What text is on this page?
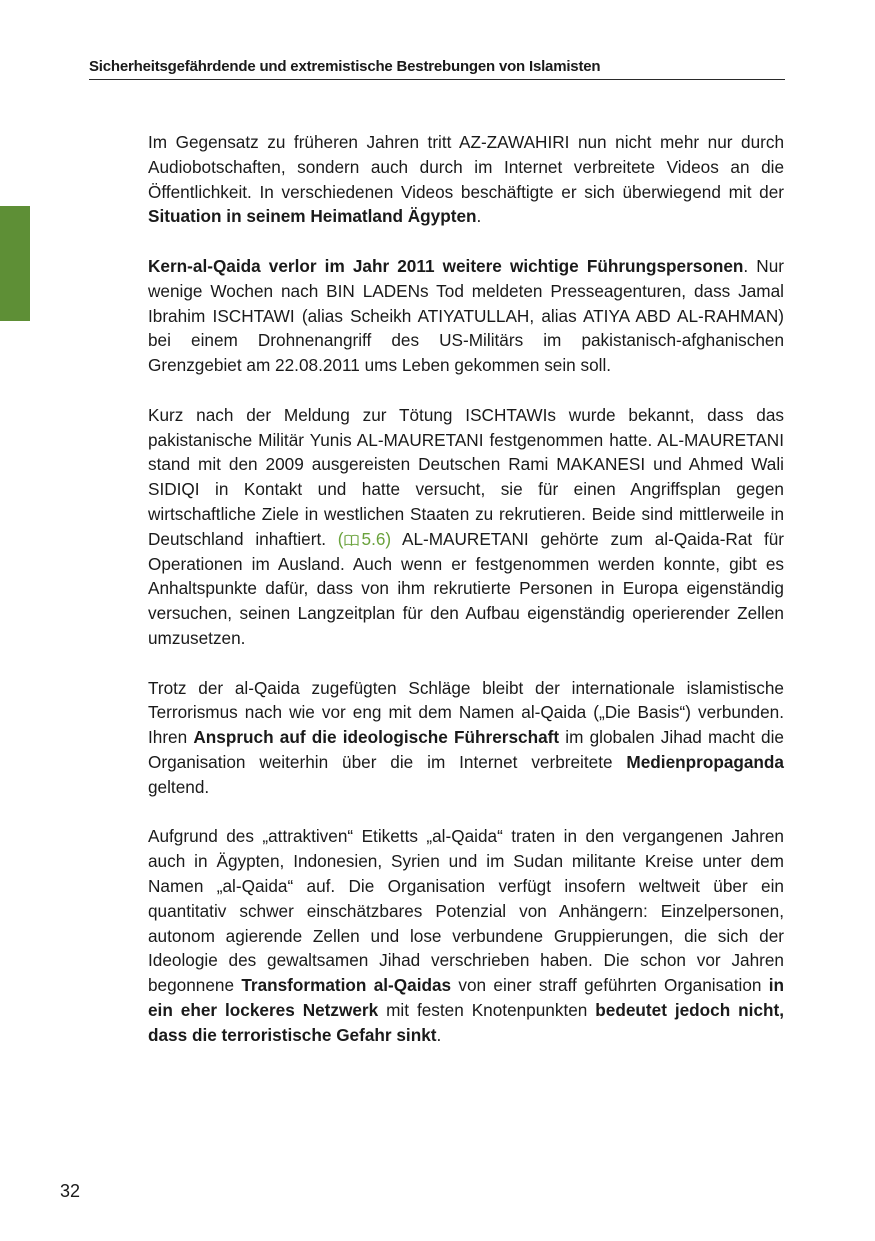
Sicherheitsgefährdende und extremistische Bestrebungen von Islamisten

Im Gegensatz zu früheren Jahren tritt AZ-ZAWAHIRI nun nicht mehr nur durch Audiobotschaften, sondern auch durch im Internet verbreitete Videos an die Öffentlichkeit. In verschiedenen Videos beschäftigte er sich überwiegend mit der Situation in seinem Heimatland Ägypten.

Kern-al-Qaida verlor im Jahr 2011 weitere wichtige Führungspersonen. Nur wenige Wochen nach BIN LADENs Tod meldeten Presseagenturen, dass Jamal Ibrahim ISCHTAWI (alias Scheikh ATIYATULLAH, alias ATIYA ABD AL-RAHMAN) bei einem Drohnenangriff des US-Militärs im pakistanisch-afghanischen Grenzgebiet am 22.08.2011 ums Leben gekommen sein soll.

Kurz nach der Meldung zur Tötung ISCHTAWIs wurde bekannt, dass das pakistanische Militär Yunis AL-MAURETANI festgenommen hatte. AL-MAURETANI stand mit den 2009 ausgereisten Deutschen Rami MAKANESI und Ahmed Wali SIDIQI in Kontakt und hatte versucht, sie für einen Angriffsplan gegen wirtschaftliche Ziele in westlichen Staaten zu rekrutieren. Beide sind mittlerweile in Deutschland inhaftiert. ( 5.6) AL-MAURETANI gehörte zum al-Qaida-Rat für Operationen im Ausland. Auch wenn er festgenommen werden konnte, gibt es Anhaltspunkte dafür, dass von ihm rekrutierte Personen in Europa eigenständig versuchen, seinen Langzeitplan für den Aufbau eigenständig operierender Zellen umzusetzen.

Trotz der al-Qaida zugefügten Schläge bleibt der internationale islamistische Terrorismus nach wie vor eng mit dem Namen al-Qaida („Die Basis“) verbunden. Ihren Anspruch auf die ideologische Führerschaft im globalen Jihad macht die Organisation weiterhin über die im Internet verbreitete Medienpropaganda geltend.

Aufgrund des „attraktiven“ Etiketts „al-Qaida“ traten in den vergangenen Jahren auch in Ägypten, Indonesien, Syrien und im Sudan militante Kreise unter dem Namen „al-Qaida“ auf. Die Organisation verfügt insofern weltweit über ein quantitativ schwer einschätzbares Potenzial von Anhängern: Einzelpersonen, autonom agierende Zellen und lose verbundene Gruppierungen, die sich der Ideologie des gewaltsamen Jihad verschrieben haben. Die schon vor Jahren begonnene Transformation al-Qaidas von einer straff geführten Organisation in ein eher lockeres Netzwerk mit festen Knotenpunkten bedeutet jedoch nicht, dass die terroristische Gefahr sinkt.

32
